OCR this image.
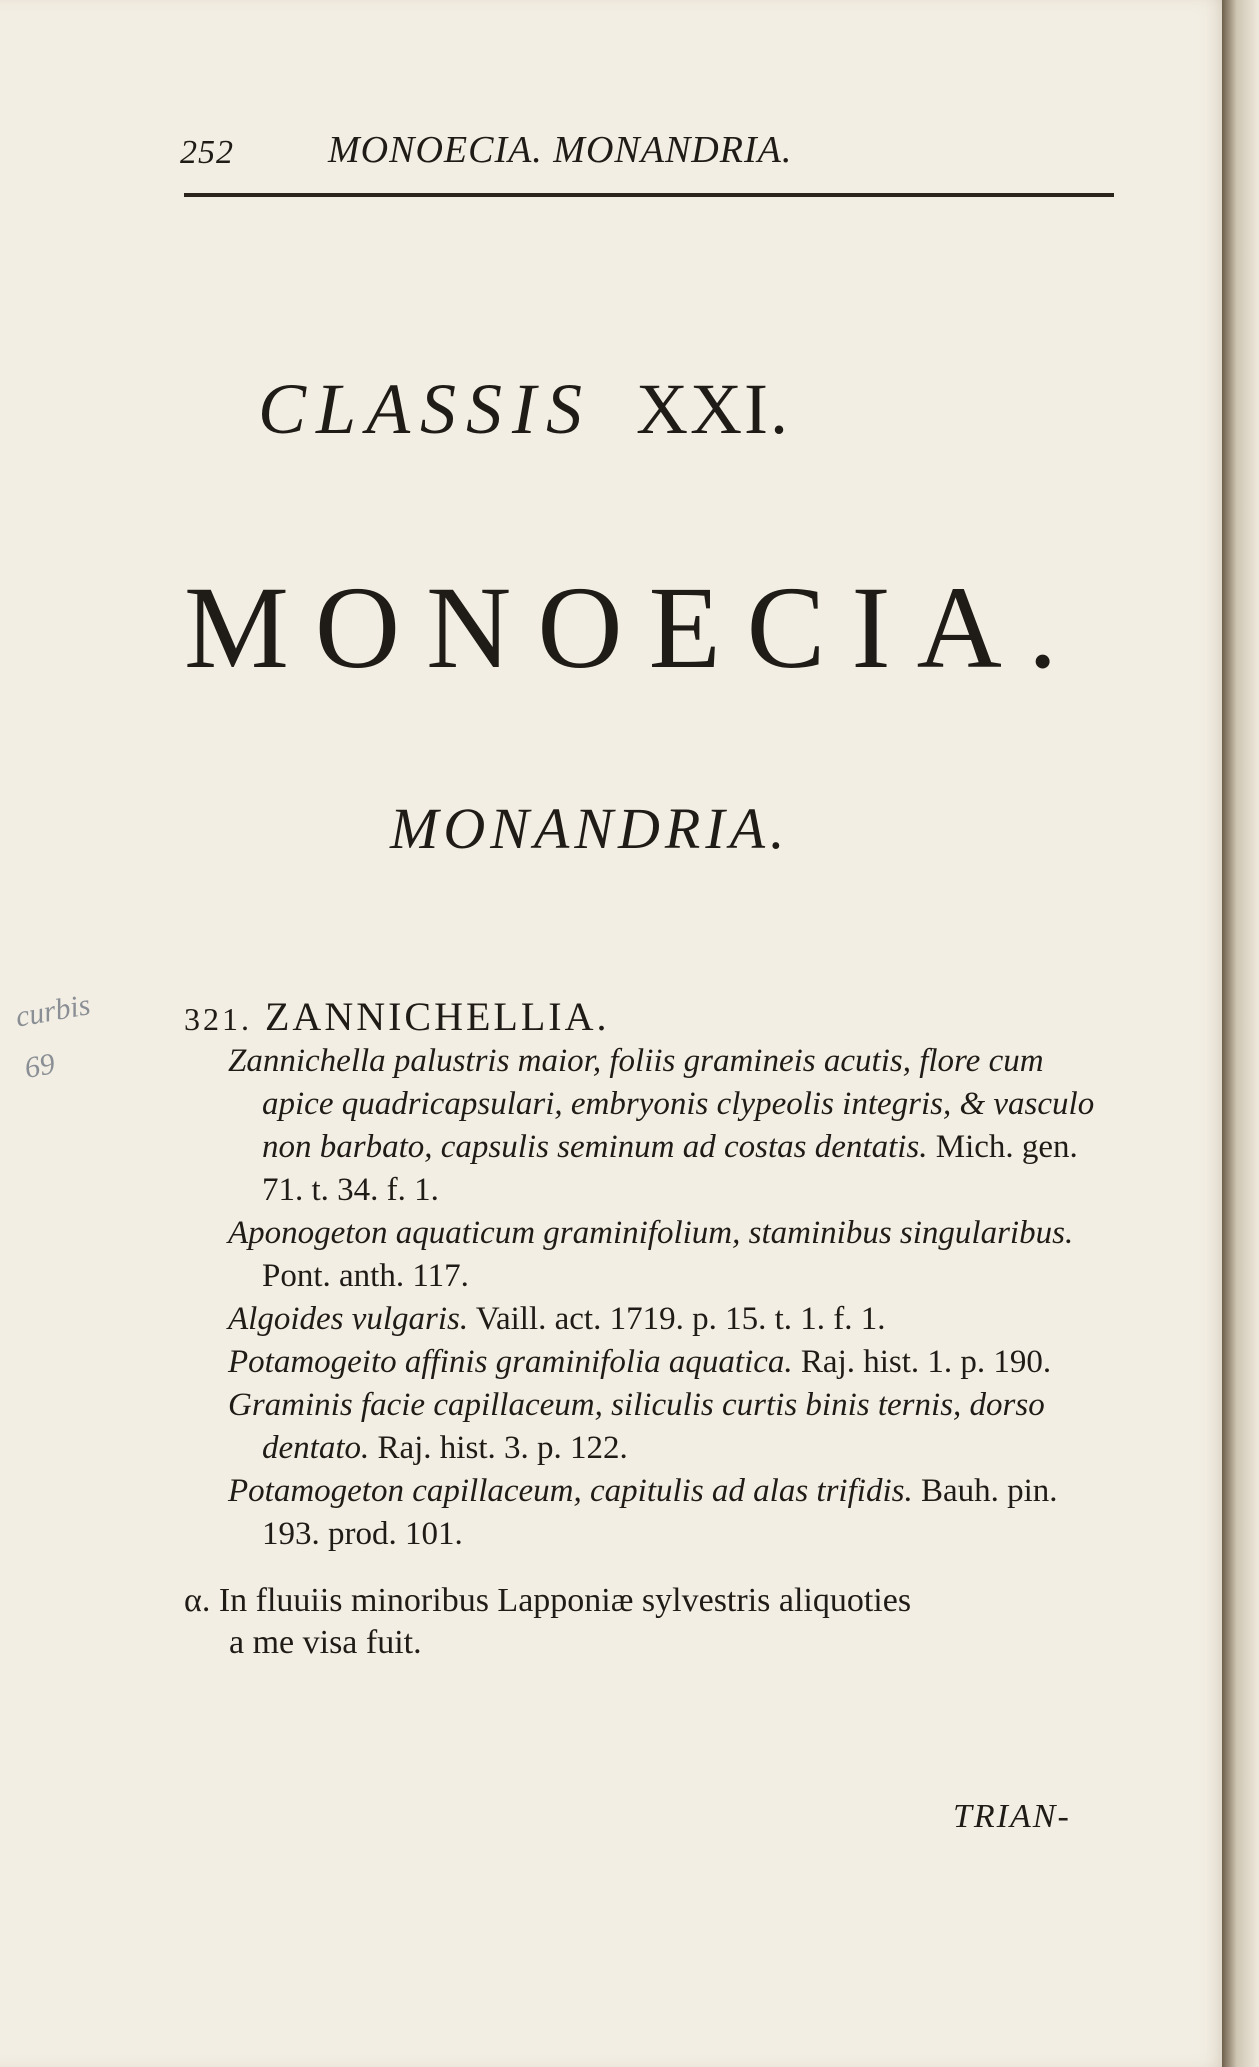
252 MONOECIA. MONANDRIA.
CLASSIS XXI.
MONOECIA.
MONANDRIA.
curbis
69
321. ZANNICHELLIA.

Zannichella palustris maior, foliis gramineis acutis, flore cum apice quadricapsulari, embryonis clypeolis integris, & vasculo non barbato, capsulis seminum ad costas dentatis. Mich. gen. 71. t. 34. f. 1.

Aponogeton aquaticum graminifolium, staminibus singularibus. Pont. anth. 117.

Algoides vulgaris. Vaill. act. 1719. p. 15. t. 1. f. 1.

Potamogeito affinis graminifolia aquatica. Raj. hist. 1. p. 190.

Graminis facie capillaceum, siliculis curtis binis ternis, dorso dentato. Raj. hist. 3. p. 122.

Potamogeton capillaceum, capitulis ad alas trifidis. Bauh. pin. 193. prod. 101.

α. In fluuiis minoribus Lapponiæ sylvestris aliquoties
a me visa fuit.
TRIAN-
